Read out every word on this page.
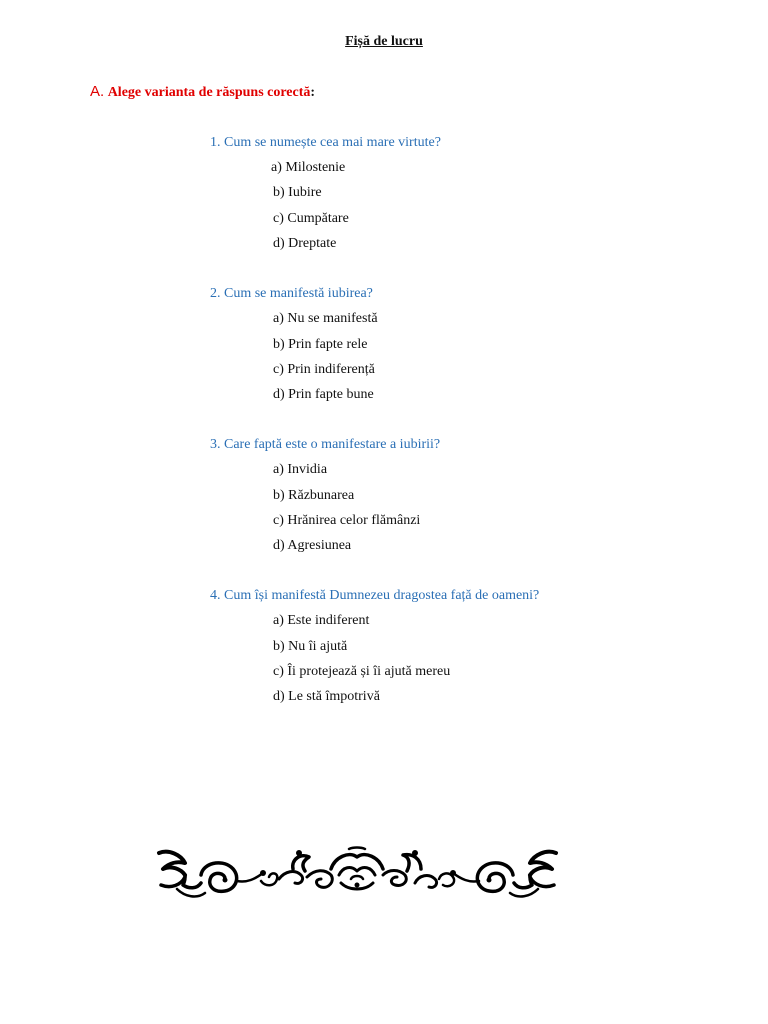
Fișă de lucru
A. Alege varianta de răspuns corectă:
1. Cum se numește cea mai mare virtute?
a) Milostenie
b) Iubire
c) Cumpătare
d) Dreptate
2. Cum se manifestă iubirea?
a) Nu se manifestă
b) Prin fapte rele
c) Prin indiferență
d) Prin fapte bune
3. Care faptă este o manifestare a iubirii?
a) Invidia
b) Răzbunarea
c) Hrănirea celor flămânzi
d) Agresiunea
4. Cum își manifestă Dumnezeu dragostea față de oameni?
a) Este indiferent
b) Nu îi ajută
c) Îi protejează și îi ajută mereu
d) Le stă împotrivă
